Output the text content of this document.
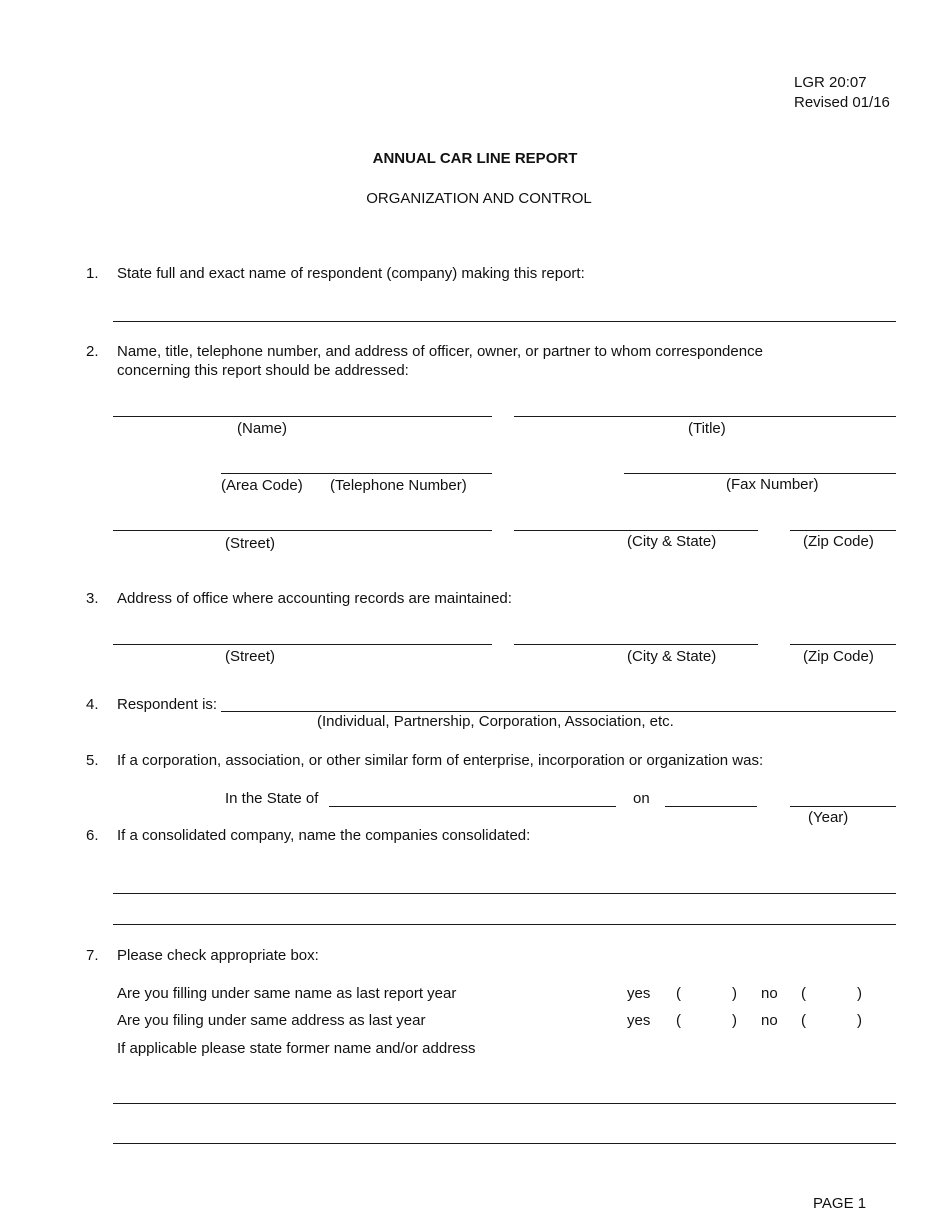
LGR 20:07
Revised 01/16
ANNUAL CAR LINE REPORT
ORGANIZATION AND CONTROL
1. State full and exact name of respondent (company) making this report:
2. Name, title, telephone number, and address of officer, owner, or partner to whom correspondence
concerning this report should be addressed:
(Name)	(Title)
(Area Code) (Telephone Number)	(Fax Number)
(Street)	(City & State)	(Zip Code)
3. Address of office where accounting records are maintained:
(Street)	(City & State)	(Zip Code)
4. Respondent is:
(Individual, Partnership, Corporation, Association, etc.
5. If a corporation, association, or other similar form of enterprise, incorporation or organization was:
In the State of	on
(Year)
6. If a consolidated company, name the companies consolidated:
7. Please check appropriate box:
Are you filling under same name as last report year	yes (	) no (	)
Are you filing under same address as last year	yes (	) no (	)
If applicable please state former name and/or address
PAGE 1
